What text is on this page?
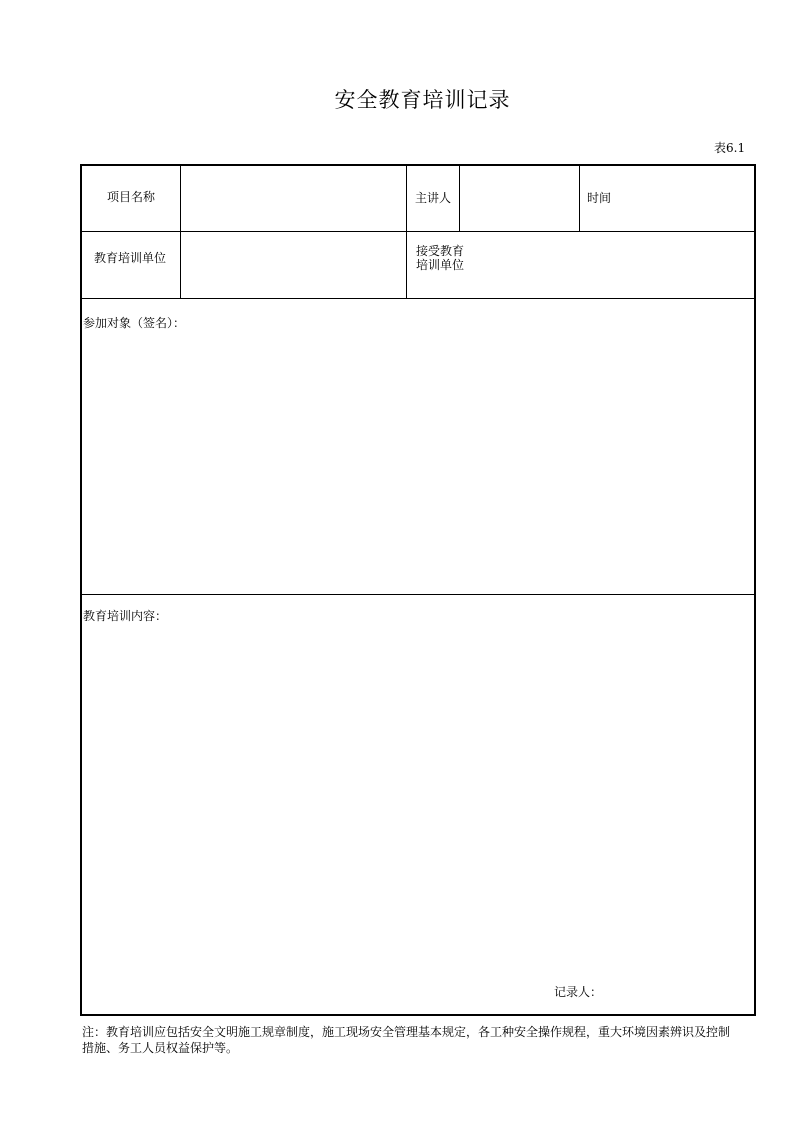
安全教育培训记录
表6.1
项目名称	主讲人	时间
教育培训单位	接受教育
培训单位
参加对象（签名）：
教育培训内容：
记录人：
注：教育培训应包括安全文明施工规章制度，施工现场安全管理基本规定，各工种安全操作规程，重大环境因素辨识及控制
措施、务工人员权益保护等。
